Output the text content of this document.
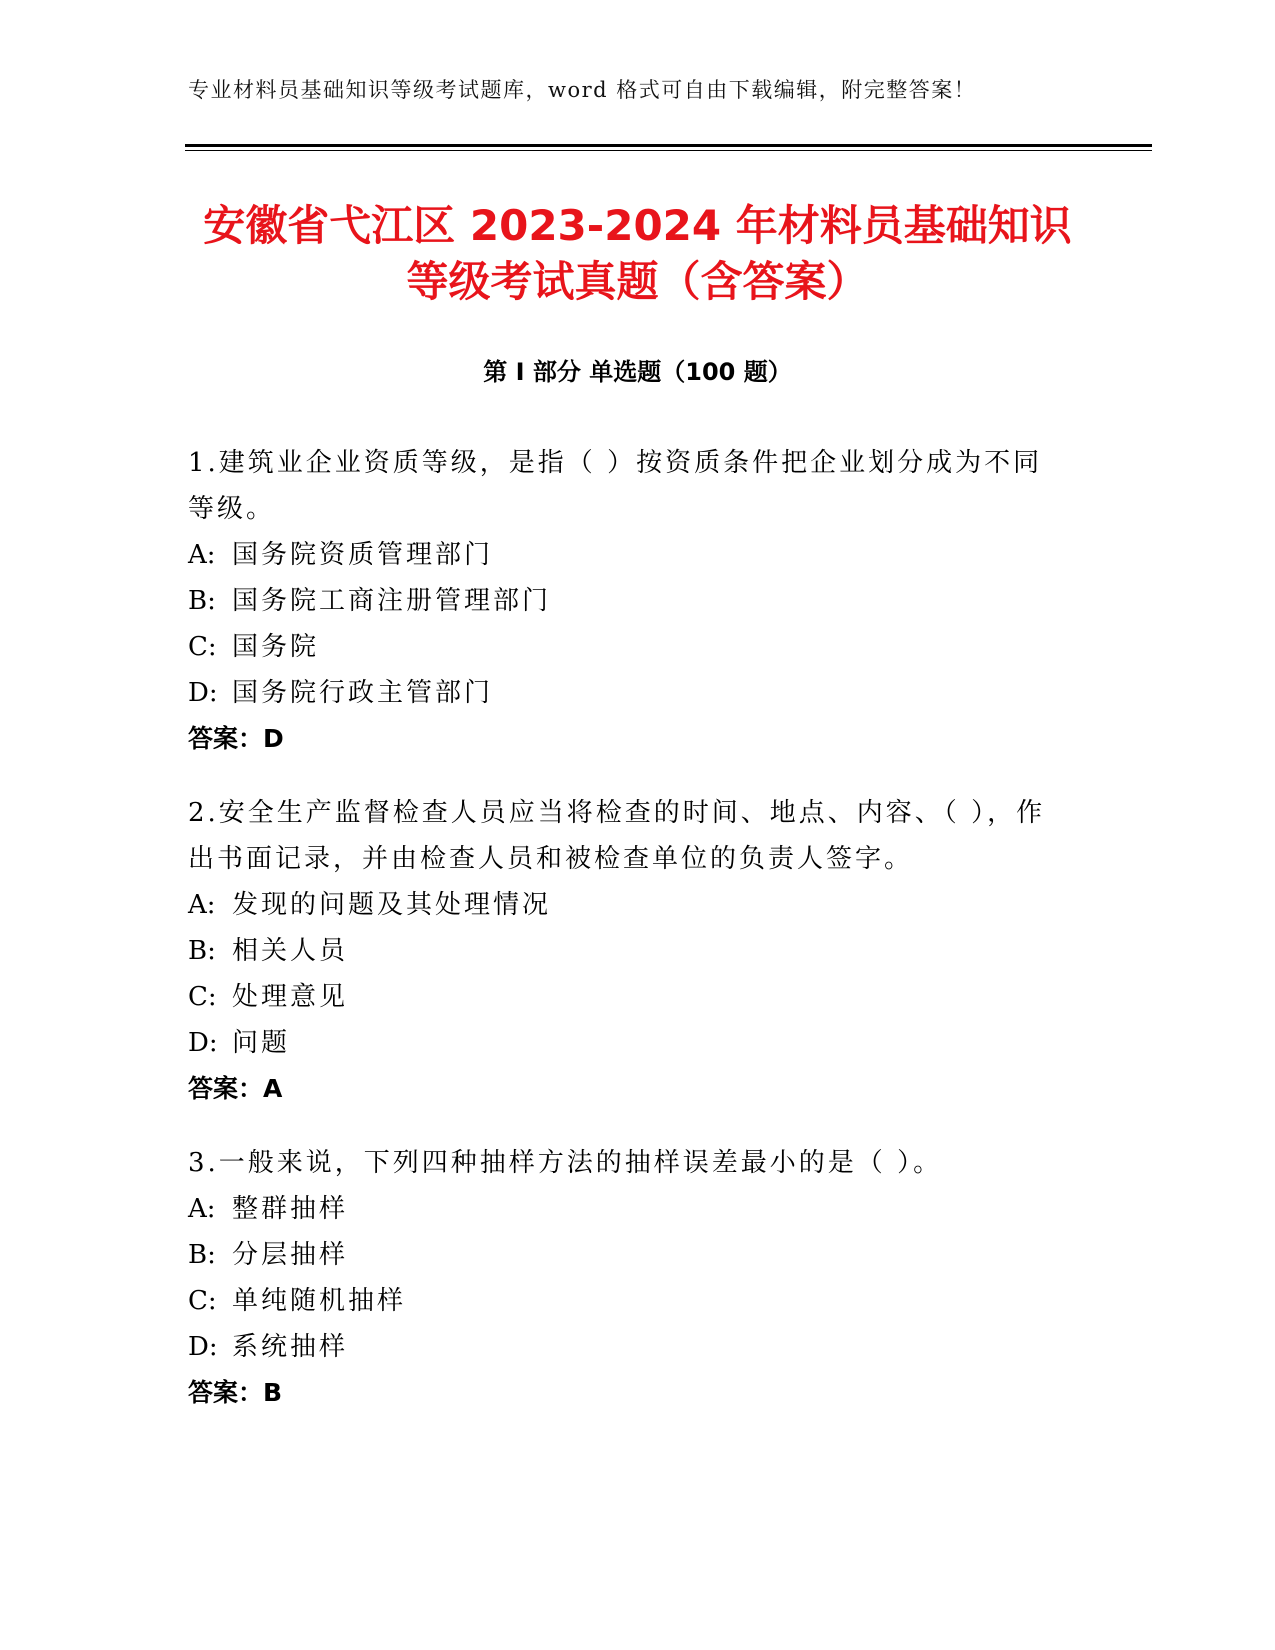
专业材料员基础知识等级考试题库，word 格式可自由下载编辑，附完整答案！
安徽省弋江区 2023-2024 年材料员基础知识
等级考试真题（含答案）
第 I 部分 单选题（100 题）
1.建筑业企业资质等级，是指（ ）按资质条件把企业划分成为不同等级。
A: 国务院资质管理部门
B: 国务院工商注册管理部门
C: 国务院
D: 国务院行政主管部门
答案：D
2.安全生产监督检查人员应当将检查的时间、地点、内容、（ ），作出书面记录，并由检查人员和被检查单位的负责人签字。
A: 发现的问题及其处理情况
B: 相关人员
C: 处理意见
D: 问题
答案：A
3.一般来说，下列四种抽样方法的抽样误差最小的是（ ）。
A: 整群抽样
B: 分层抽样
C: 单纯随机抽样
D: 系统抽样
答案：B
